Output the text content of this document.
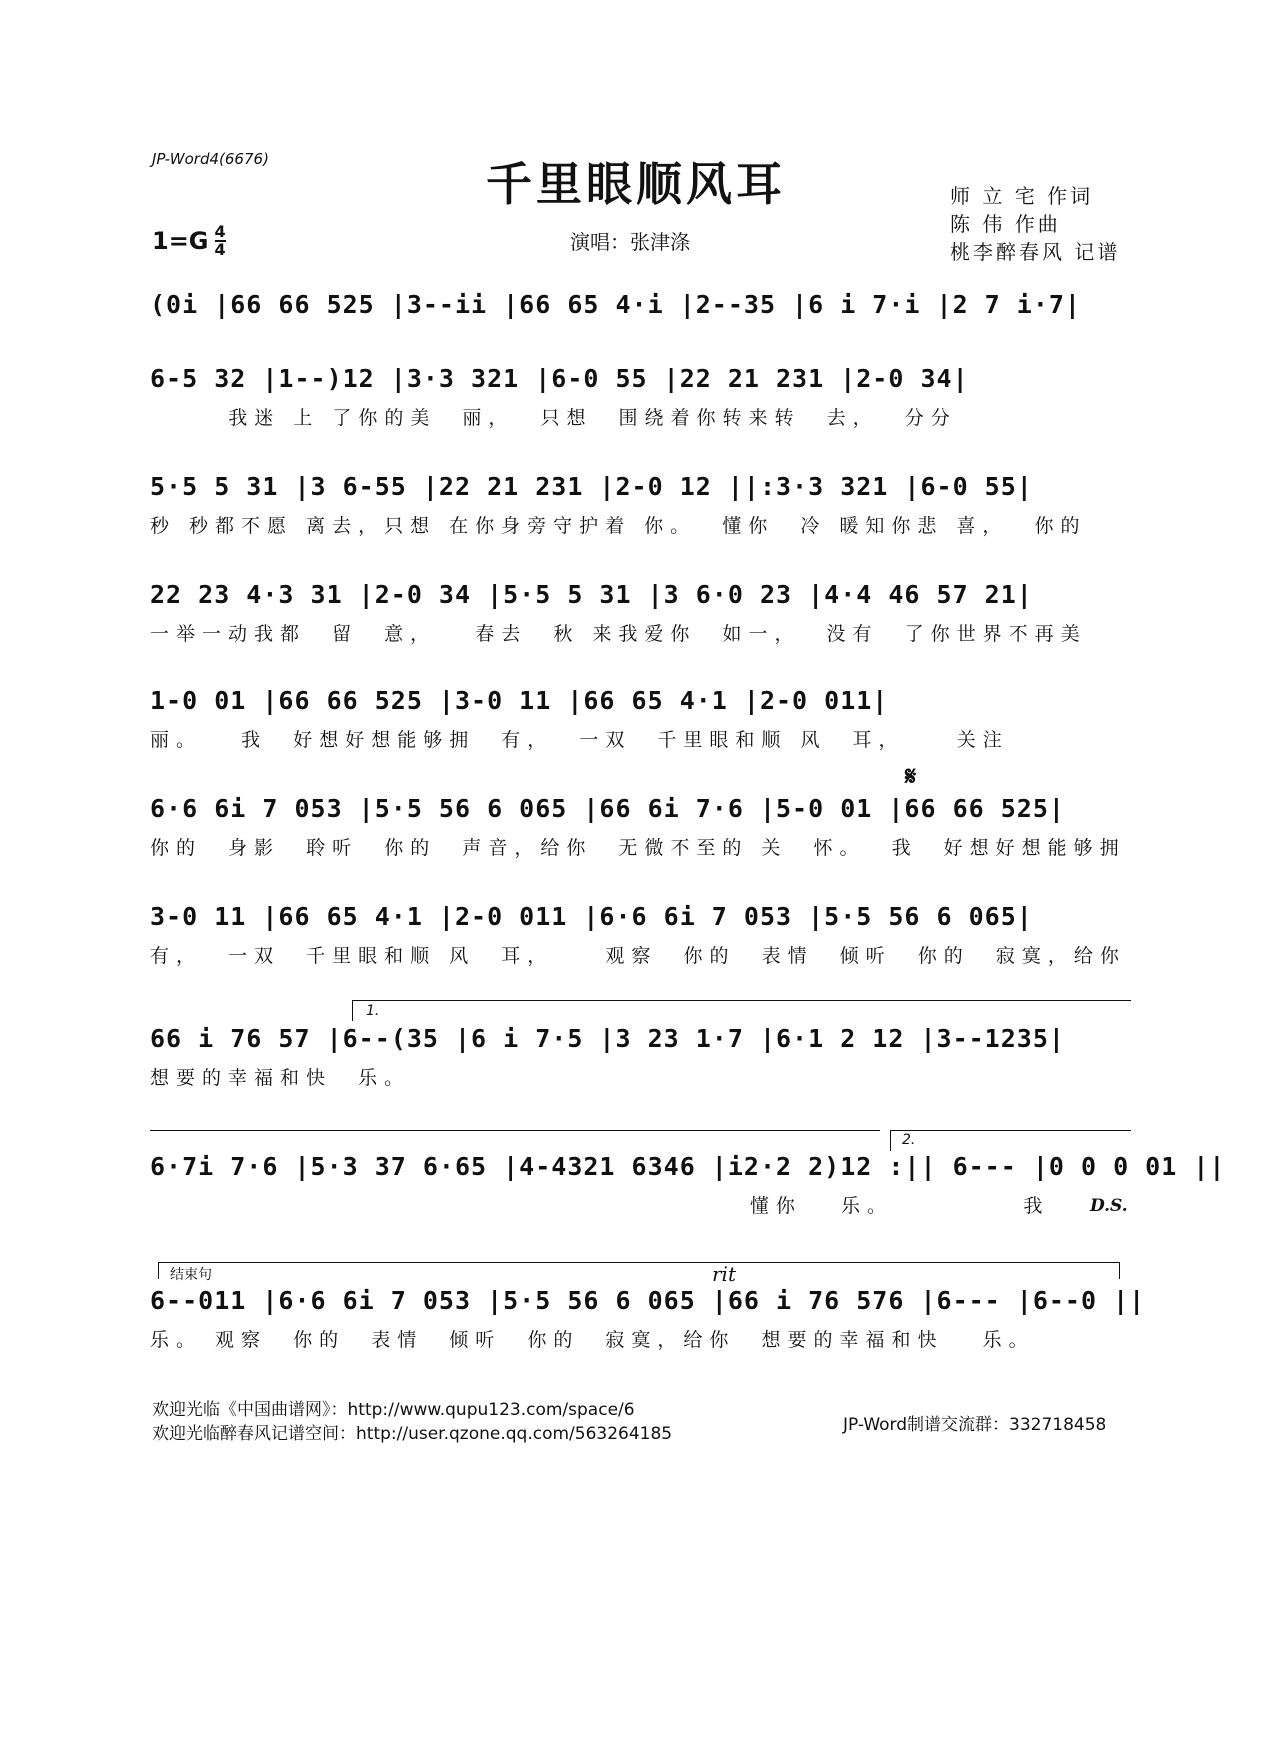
JP-Word4(6676)	千里眼顺风耳
$1=G \frac{4}{4}$	演唱：张津涤
师 立 宅 作词
陈 伟 作曲
桃李醉春风 记谱
(0i |66 66 525 |3--ii |66 65 4·i |2--35 |6 i 7·i |2 7 i·7|
6-5 32 |1--)12 |3·3 321 |6-0 55 |22 21 231 |2-0 34|
我迷 上 了你的美  丽，  只想  围绕着你转来转  去，  分分
5·5 5 31 |3 6-55 |22 21 231 |2-0 12 ||:3·3 321 |6-0 55|
秒 秒都不愿 离去，只想 在你身旁守护着 你。  懂你  冷 暖知你悲 喜，  你的
22 23 4·3 31 |2-0 34 |5·5 5 31 |3 6·0 23 |4·4 46 57 21|
一举一动我都  留  意，   春去  秋 来我爱你  如一，  没有  了你世界不再美
1-0 01 |66 66 525 |3-0 11 |66 65 4·1 |2-0 011|
丽。   我  好想好想能够拥  有，  一双  千里眼和顺 风  耳，    关注
𝄋
6·6 6i 7 053 |5·5 56 6 065 |66 6i 7·6 |5-0 01 |66 66 525|
你的  身影  聆听  你的  声音，给你  无微不至的 关  怀。  我  好想好想能够拥
3-0 11 |66 65 4·1 |2-0 011 |6·6 6i 7 053 |5·5 56 6 065|
有，  一双  千里眼和顺 风  耳，    观察  你的  表情  倾听  你的  寂寞，给你
1.
66 i 76 57 |6--(35 |6 i 7·5 |3 23 1·7 |6·1 2 12 |3--1235|
想要的幸福和快  乐。
2.
6·7i 7·6 |5·3 37 6·65 |4-4321 6346 |i2·2 2)12 :|| 6--- |0 0 0 01 ||
懂你   乐。          我	D.S.
结束句	rit
6--011 |6·6 6i 7 053 |5·5 56 6 065 |66 i 76 576 |6--- |6--0 ||
乐。 观察  你的  表情  倾听  你的  寂寞，给你  想要的幸福和快   乐。
欢迎光临《中国曲谱网》：http://www.qupu123.com/space/6
欢迎光临醉春风记谱空间：http://user.qzone.qq.com/563264185	JP-Word制谱交流群：332718458
